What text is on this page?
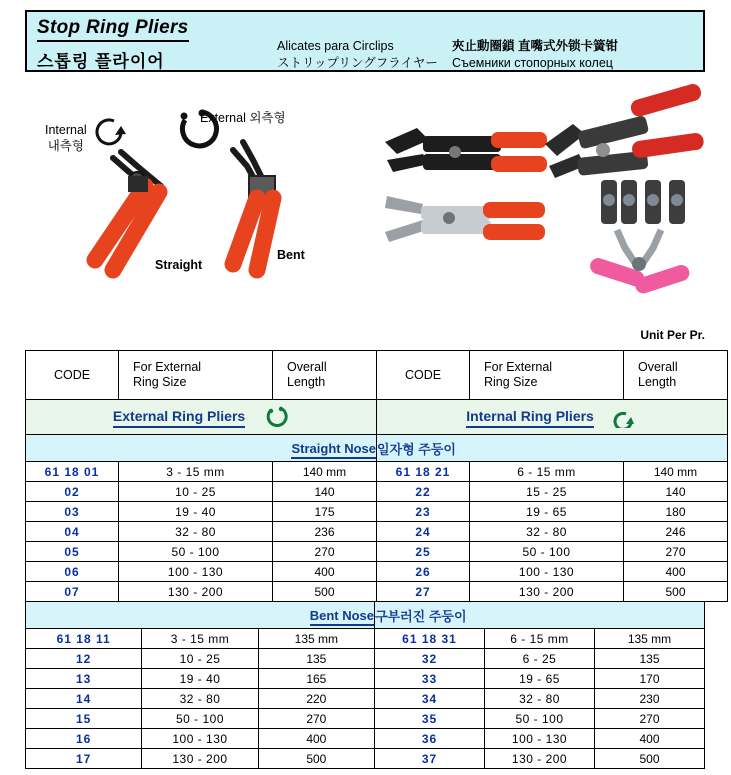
Stop Ring Pliers
스톱링 플라이어
Alicates para Circlips
ストリップリングフライヤー
夾止動圈鎖 直嘴式外锁卡簧钳
Съемники стопорных колец
Internal
내측형
External 외측형
Straight
Bent
Unit Per Pr.
CODE	For External
Ring Size	Overall
Length	CODE	For External
Ring Size	Overall
Length

External Ring Pliers			Internal Ring Pliers		
Straight Nose			일자형 주둥이		
61 18 01	3 - 15 mm	140 mm	61 18 21	6 - 15 mm	140 mm
02	10 - 25	140	22	15 - 25	140
03	19 - 40	175	23	19 - 65	180
04	32 - 80	236	24	32 - 80	246
05	50 - 100	270	25	50 - 100	270
06	100 - 130	400	26	100 - 130	400
07	130 - 200	500	27	130 - 200	500
Bent Nose			구부러진 주둥이		
61 18 11	3 - 15 mm	135 mm	61 18 31	6 - 15 mm	135 mm
12	10 - 25	135	32	6 - 25	135
13	19 - 40	165	33	19 - 65	170
14	32 - 80	220	34	32 - 80	230
15	50 - 100	270	35	50 - 100	270
16	100 - 130	400	36	100 - 130	400
17	130 - 200	500	37	130 - 200	500
